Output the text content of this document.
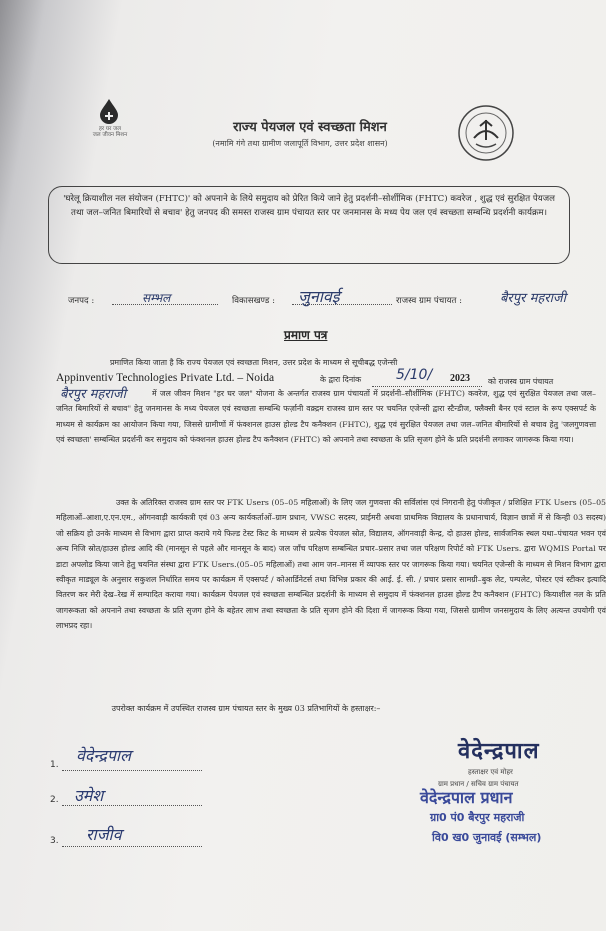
हर घर जल
जल जीवन मिशन	राज्य पेयजल एवं स्वच्छता मिशन
(नमामि गंगे तथा ग्रामीण जलापूर्ति विभाग, उत्तर प्रदेश शासन)
'घरेलू क्रियाशील नल संयोजन (FHTC)' को अपनाने के लिये समुदाय को प्रेरित किये जाने हेतु प्रदर्शनी–सोर्शीमिक (FHTC) कवरेज , शुद्ध एवं सुरक्षित पेयजल तथा जल–जनित बिमारियों से बचाव' हेतु जनपद की समस्त राजस्व ग्राम पंचायत स्तर पर जनमानस के मध्य पेय जल एवं स्वच्छता सम्बन्धि प्रदर्शनी कार्यक्रम।
जनपद :	सम्भल	विकासखण्ड : जुनावई	राजस्व ग्राम पंचायत :	बैरपुर महराजी
प्रमाण पत्र
प्रमाणित किया जाता है कि राज्य पेयजल एवं स्वच्छता मिशन, उत्तर प्रदेश के माध्यम से सूचीबद्ध एजेन्सी
Appinventiv Technologies Private Ltd. – Noida	के द्वारा दिनांक 5/10/ 2023 को राजस्व ग्राम पंचायत
बैरपुर महराजी	में जल जीवन मिशन "हर घर जल" योजना के अन्तर्गत राजस्व ग्राम पंचायतों में प्रदर्शनी–सौर्शीमिक (FHTC) कवरेज, शुद्ध एवं सुरक्षित पेयजल तथा जल–जनित बिमारियों से बचाव" हेतु जनमानस के मध्य पेयजल एवं स्वच्छता सम्बन्धि फर्ज़ानी वक्र्द्रम राजस्व ग्राम स्तर पर चयनित एजेन्सी द्वारा स्टैन्डीज, फ्लैक्सी बैनर एवं स्टाल के रूप एक्सपर्ट के माध्यम से कार्यक्रम का आयोजन किया गया, जिससे ग्रामीणों में फंक्शनल हाउस होल्ड टैप कनैक्शन (FHTC), शुद्ध एवं सुरक्षित पेयजल तथा जल–जनित बीमारियों से बचाव हेतु 'जलगुणवत्ता एवं स्वच्छता' सम्बन्धित प्रदर्शनी कर समुदाय को फंक्शनल हाउस होल्ड टैप कनैक्शन (FHTC) को अपनाने तथा स्वच्छता के प्रति सृजग होने के प्रति प्रदर्शनी लगाकर जागरूक किया गया।
उक्त के अतिरिक्त राजस्व ग्राम स्तर पर FTK Users (05–05 महिलाओं) के लिए जल गुणवत्ता की सर्विलांस एवं निगरानी हेतु पंजीकृत / प्रशिक्षित FTK Users (05–05 महिलाओं–आशा,ए.एन.एम., ऑगनवाड़ी कार्यकत्री एवं 03 अन्य कार्यकर्ताओं–ग्राम प्रधान, VWSC सदस्य, प्राईमरी अथवा प्राथमिक विद्यालय के प्रधानाचार्य, विज्ञान छात्रों में से किन्ही 03 सदस्य) जो सक्रिय हो उनके माध्यम से विभाग द्वारा प्राप्त कराये गये फिल्ड टेस्ट किट के माध्यम से प्रत्येक पेयजल स्रोत, विद्यालय, ऑगनवाड़ी केन्द्र, दो हाउस होल्ड, सार्वजनिक स्थल यथा–पंचायत भवन एवं अन्य निजि स्रोत/हाउस होल्ड आदि की (मानसून से पहले और मानसून के बाद) जल जाँच परिक्षण सम्बन्धित प्रचार–प्रसार तथा जल परिक्षण रिपोर्ट को FTK Users. द्वारा WQMIS Portal पर डाटा अपलोड किया जाने हेतु चयनित संस्था द्वारा FTK Users.(05–05 महिलाओं) तथा आम जन–मानस में व्यापक स्तर पर जागरूक किया गया। चयनित एजेन्सी के माध्यम से मिशन विभाग द्वारा स्वीकृत माड्यूल के अनुसार सकुशल निर्धारित समय पर कार्यक्रम में एक्सपर्ट / कोआर्डिनेटर्स तथा विभिन्न प्रकार की आई. ई. सी. / प्रचार प्रसार सामग्री–बुक लेट, पम्पलेट, पोस्टर एवं स्टीकर इत्यादि वितरण कर मेरी देख–रेख में सम्पादित कराया गया। कार्यक्रम पेयजल एवं स्वच्छता सम्बन्धित प्रदर्शनी के माध्यम से समुदाय में फंक्शनल हाउस होल्ड टैप कनैक्शन (FHTC) कियाशील नल के प्रति जागरूकता को अपनाने तथा स्वच्छता के प्रति सृजग होने के बहेतर लाभ तथा स्वच्छता के प्रति सृजग होने की दिशा में जागरूक किया गया, जिससे ग्रामीण जनसमुदाय के लिए अत्यन्त उपयोगी एवं लाभप्रद रहा।
उपरोक्त कार्यक्रम में उपस्थित राजस्व ग्राम पंचायत स्तर के मुख्य 03 प्रतिभागियों के हस्ताक्षर:–
1. वेदेन्द्रपाल
2. उमेश
3. राजीव
वेदेन्द्रपाल
हस्ताक्षर एवं मोहर
ग्राम प्रधान / सचिव ग्राम पंचायत
वेदेन्द्रपाल प्रधान
ग्रा0 पं0 बैरपुर महराजी
वि0 ख0 जुनावई (सम्भल)
